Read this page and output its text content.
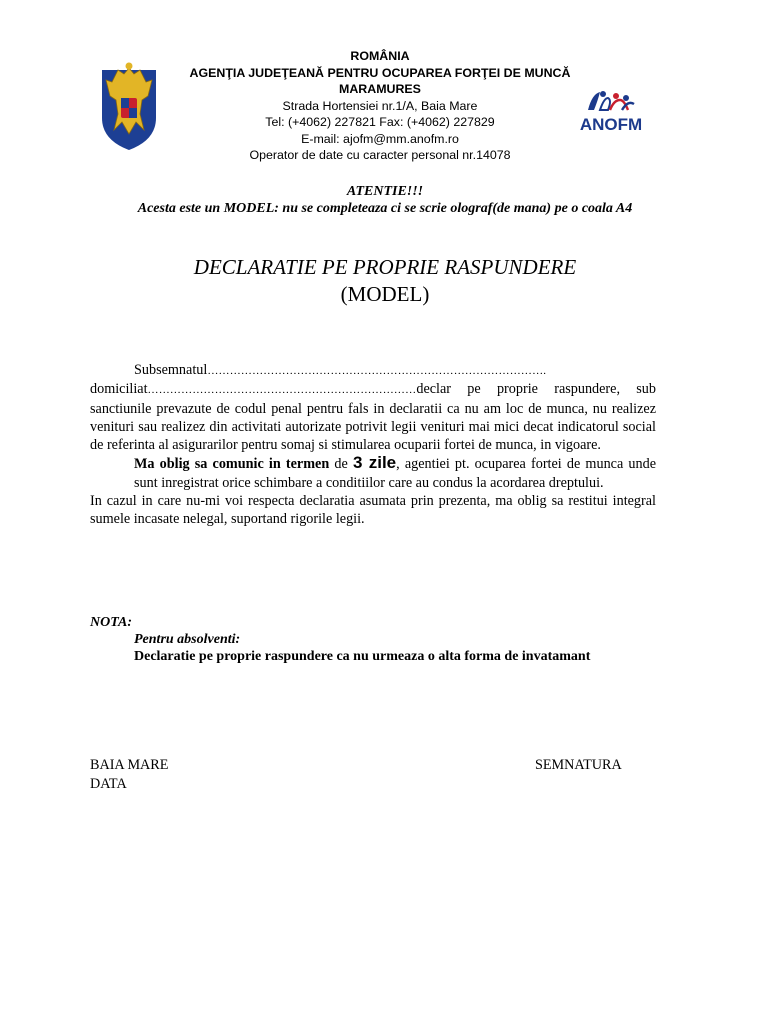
ROMÂNIA
AGENŢIA JUDEŢEANĂ PENTRU OCUPAREA FORŢEI DE MUNCĂ
MARAMURES
Strada Hortensiei nr.1/A, Baia Mare
Tel: (+4062) 227821 Fax: (+4062) 227829
E-mail: ajofm@mm.anofm.ro
Operator de date cu caracter personal nr.14078
ANOFM
ATENTIE!!!
Acesta este un MODEL: nu se completeaza ci se scrie olograf(de mana) pe o coala A4
DECLARATIE PE PROPRIE RASPUNDERE
(MODEL)

Subsemnatul……………………………………………………………………………….

domiciliat………………………………………………………………declar pe proprie raspundere, sub sanctiunile prevazute de codul penal pentru fals in declaratii ca nu am loc de munca, nu realizez venituri sau realizez din activitati autorizate potrivit legii venituri mai mici decat indicatorul social de referinta al asigurarilor pentru somaj si stimularea ocuparii fortei de munca, in vigoare.

Ma oblig sa comunic in termen de 3 zile, agentiei pt. ocuparea fortei de munca unde sunt inregistrat orice schimbare a conditiilor care au condus la acordarea dreptului.

In cazul in care nu-mi voi respecta declaratia asumata prin prezenta, ma oblig sa restitui integral sumele incasate nelegal, suportand rigorile legii.

NOTA:
Pentru absolventi:
Declaratie pe proprie raspundere ca nu urmeaza o alta forma de invatamant
BAIA MARE
DATA
SEMNATURA
